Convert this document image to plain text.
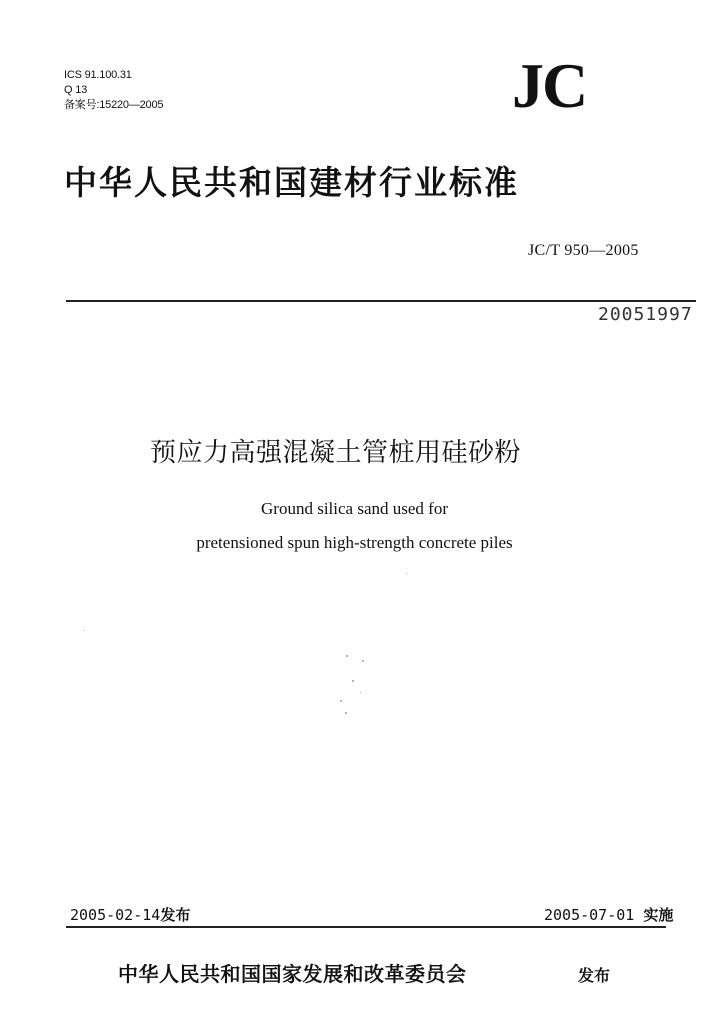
ICS 91.100.31
Q 13
备案号:15220—2005	JC
中华人民共和国建材行业标准
JC/T 950—2005
20051997
预应力高强混凝土管桩用硅砂粉
Ground silica sand used for
pretensioned spun high-strength concrete piles
2005-02-14发布	2005-07-01 实施
中华人民共和国国家发展和改革委员会	发布
